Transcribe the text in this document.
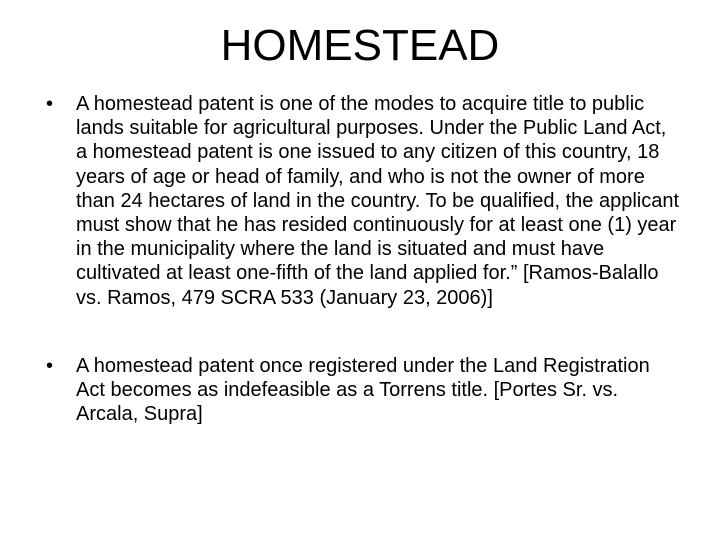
HOMESTEAD
• A homestead patent is one of the modes to acquire title to public lands suitable for agricultural purposes. Under the Public Land Act, a homestead patent is one issued to any citizen of this country, 18 years of age or head of family, and who is not the owner of more than 24 hectares of land in the country. To be qualified, the applicant must show that he has resided continuously for at least one (1) year in the municipality where the land is situated and must have cultivated at least one-fifth of the land applied for.” [Ramos-Balallo vs. Ramos, 479 SCRA 533 (January 23, 2006)]
• A homestead patent once registered under the Land Registration Act becomes as indefeasible as a Torrens title. [Portes Sr. vs. Arcala, Supra]
